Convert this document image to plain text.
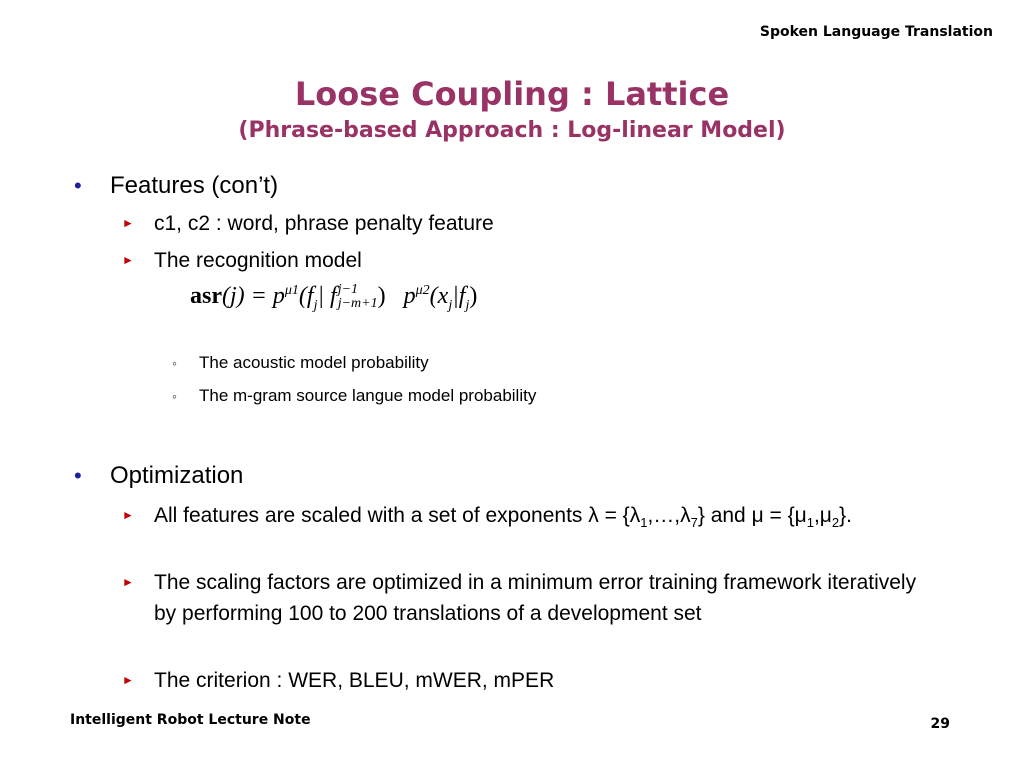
Spoken Language Translation
Loose Coupling : Lattice
(Phrase-based Approach : Log-linear Model)
• Features (con’t)
► c1, c2 : word, phrase penalty feature
► The recognition model
$asr(j) = p^{\mu 1}(f_j|$ f j−1
j−m+1 ) $p^{\mu 2}(x_j|f_j)$
◦ The acoustic model probability
◦ The m-gram source langue model probability
• Optimization
► All features are scaled with a set of exponents $\lambda = \{\lambda_1,\dots,\lambda_7\}$ and $\mu = \{\mu_1,\mu_2\}$.
► The scaling factors are optimized in a minimum error training framework iteratively by performing 100 to 200 translations of a development set
► The criterion : WER, BLEU, mWER, mPER
Intelligent Robot Lecture Note	29
